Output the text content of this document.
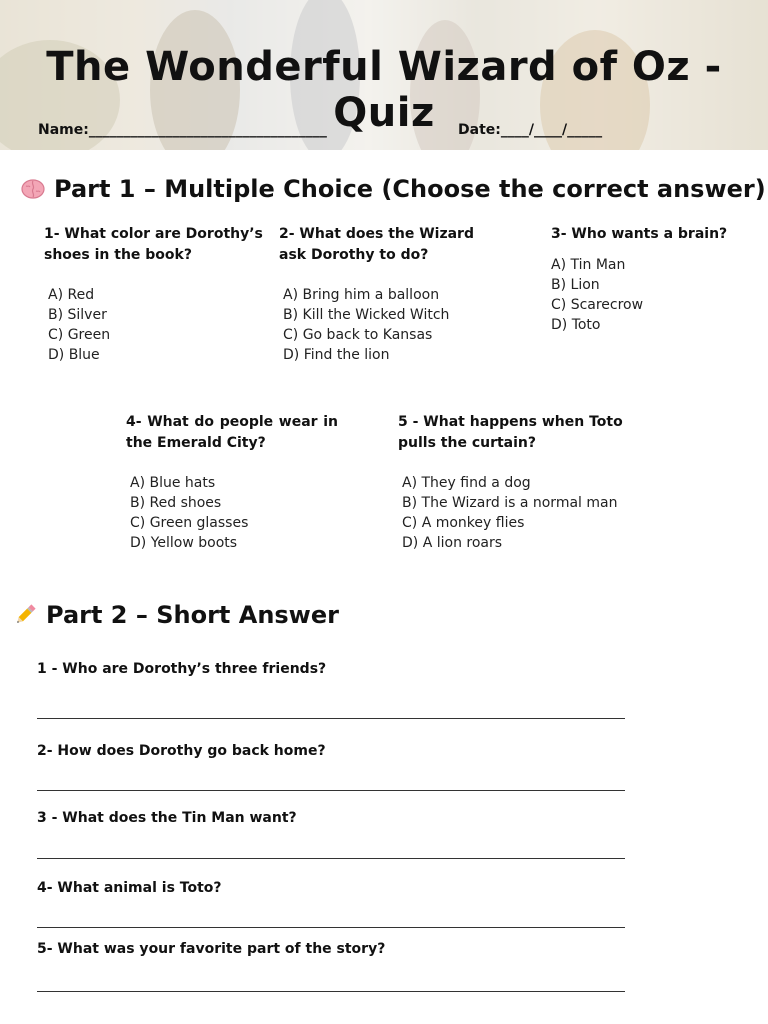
The Wonderful Wizard of Oz - Quiz
Name:__________________________________	Date:____/____/_____
Part 1 – Multiple Choice (Choose the correct answer)
1- What color are Dorothy’s shoes in the book?
A) Red
B) Silver
C) Green
D) Blue
2- What does the Wizard ask Dorothy to do?
A) Bring him a balloon
B) Kill the Wicked Witch
C) Go back to Kansas
D) Find the lion
3- Who wants a brain?
A) Tin Man
B) Lion
C) Scarecrow
D) Toto
4- What do people wear in the Emerald City?
A) Blue hats
B) Red shoes
C) Green glasses
D) Yellow boots
5 - What happens when Toto pulls the curtain?
A) They find a dog
B) The Wizard is a normal man
C) A monkey flies
D) A lion roars
Part 2 – Short Answer
1 - Who are Dorothy’s three friends?
2- How does Dorothy go back home?
3 - What does the Tin Man want?
4- What animal is Toto?
5- What was your favorite part of the story?
